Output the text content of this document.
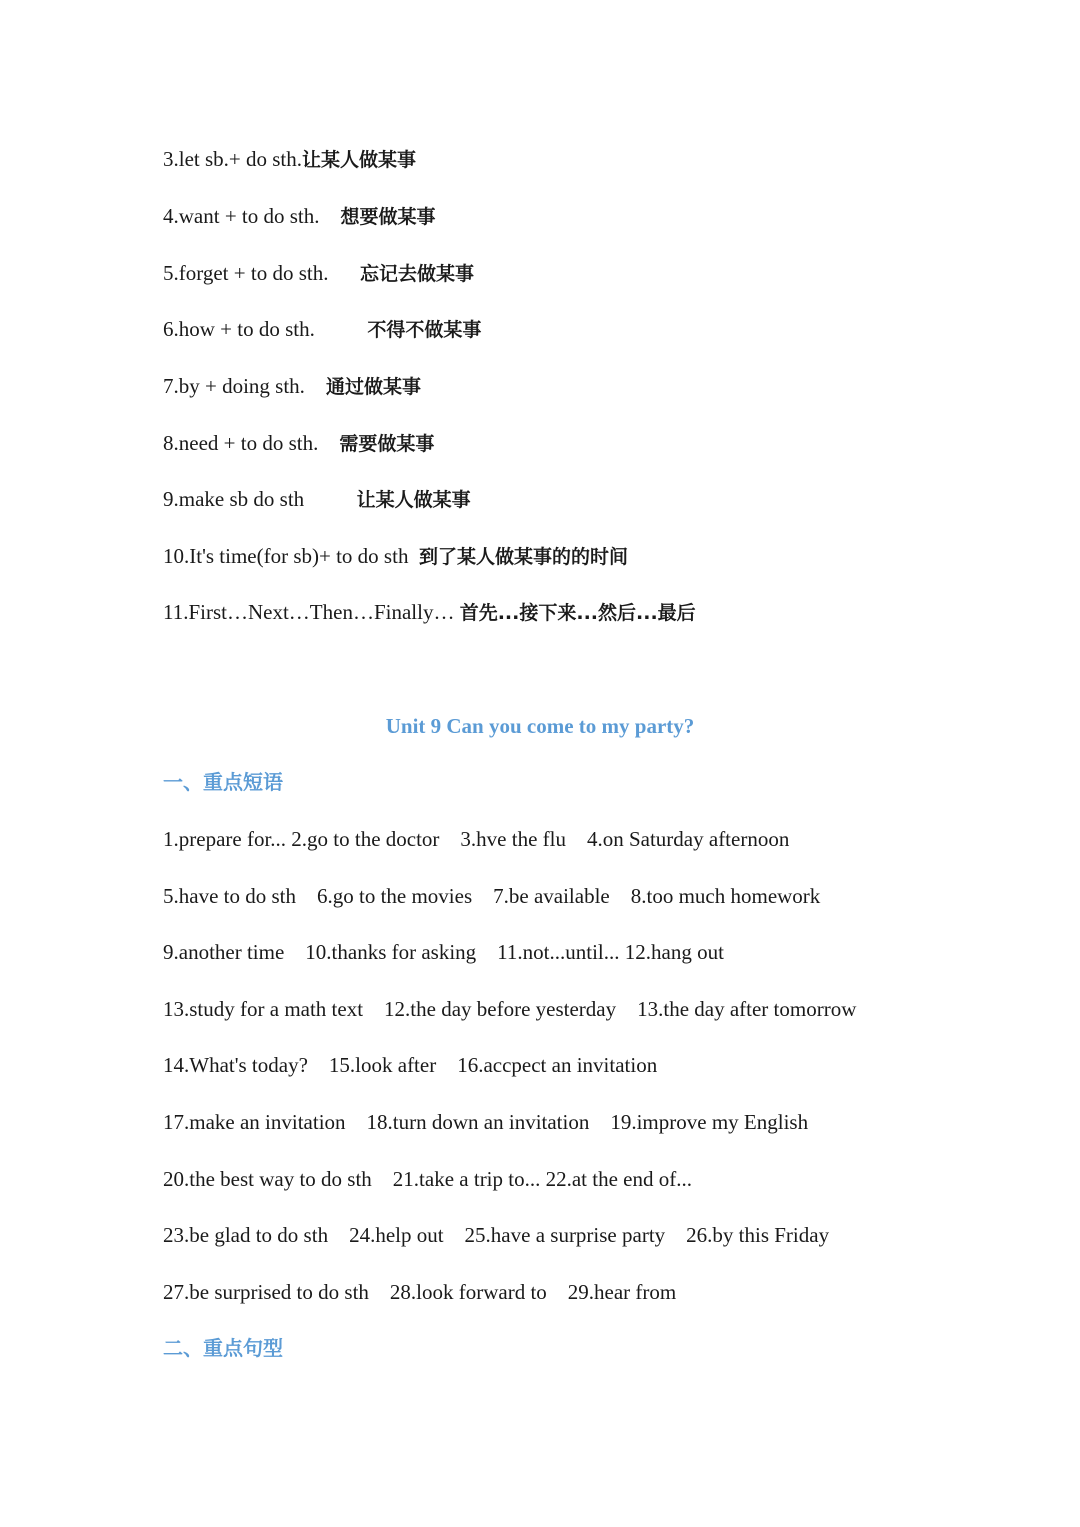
3.let sb.+ do sth.让某人做某事
4.want + to do sth. 想要做某事
5.forget + to do sth. 忘记去做某事
6.how + to do sth.	不得不做某事
7.by + doing sth. 通过做某事
8.need + to do sth. 需要做某事
9.make sb do sth	让某人做某事
10.It's time(for sb)+ to do sth 到了某人做某事的的时间
11.First…Next…Then…Finally… 首先...接下来...然后...最后
Unit 9 Can you come to my party?
一、重点短语
1.prepare for... 2.go to the doctor    3.hve the flu    4.on Saturday afternoon
5.have to do sth    6.go to the movies    7.be available    8.too much homework
9.another time    10.thanks for asking    11.not...until... 12.hang out
13.study for a math text    12.the day before yesterday    13.the day after tomorrow
14.What's today?    15.look after    16.accpect an invitation
17.make an invitation    18.turn down an invitation    19.improve my English
20.the best way to do sth    21.take a trip to... 22.at the end of...
23.be glad to do sth    24.help out    25.have a surprise party    26.by this Friday
27.be surprised to do sth    28.look forward to    29.hear from
二、重点句型
